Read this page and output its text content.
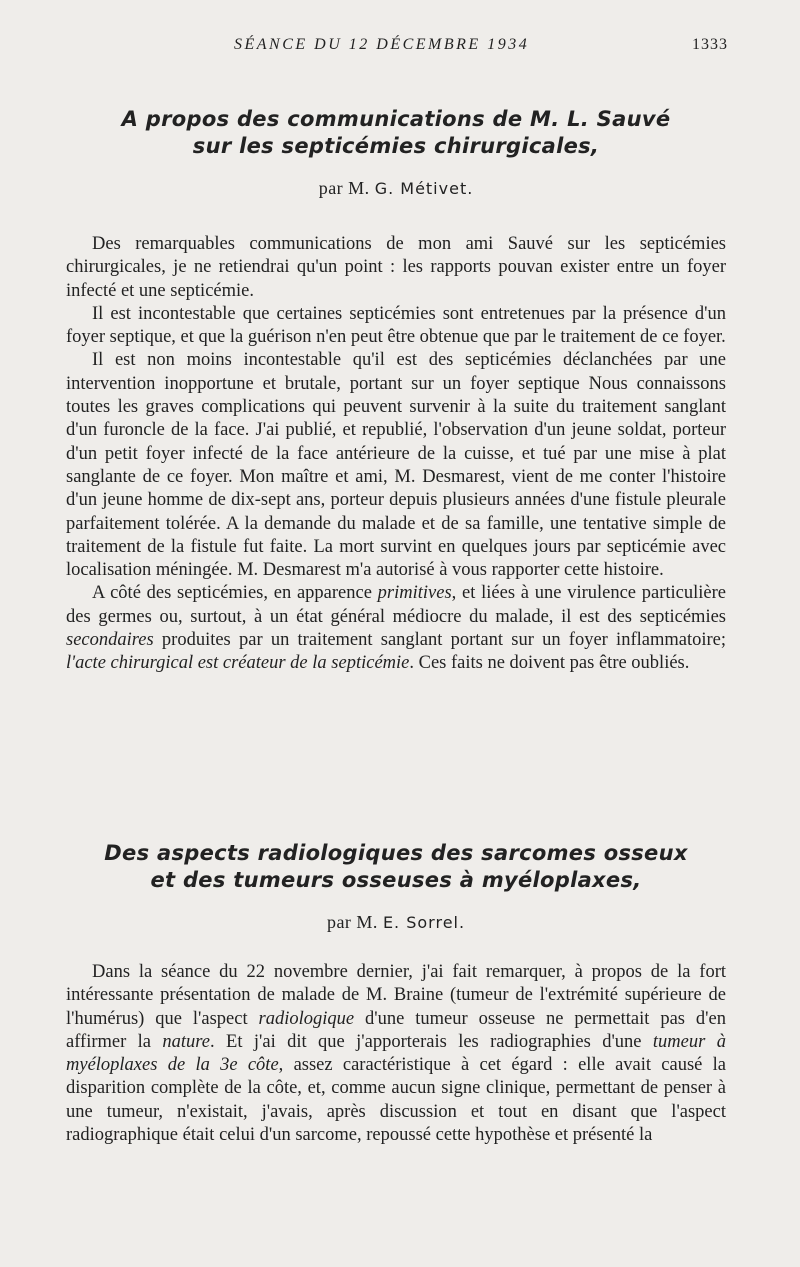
SÉANCE DU 12 DÉCEMBRE 1934	1333
A propos des communications de M. L. Sauvé
sur les septicémies chirurgicales,

par M. G. Métivet.

Des remarquables communications de mon ami Sauvé sur les septicémies chirurgicales, je ne retiendrai qu'un point : les rapports pouvan exister entre un foyer infecté et une septicémie.

Il est incontestable que certaines septicémies sont entretenues par la présence d'un foyer septique, et que la guérison n'en peut être obtenue que par le traitement de ce foyer.

Il est non moins incontestable qu'il est des septicémies déclanchées par une intervention inopportune et brutale, portant sur un foyer septique Nous connaissons toutes les graves complications qui peuvent survenir à la suite du traitement sanglant d'un furoncle de la face. J'ai publié, et republié, l'observation d'un jeune soldat, porteur d'un petit foyer infecté de la face antérieure de la cuisse, et tué par une mise à plat sanglante de ce foyer. Mon maître et ami, M. Desmarest, vient de me conter l'histoire d'un jeune homme de dix-sept ans, porteur depuis plusieurs années d'une fistule pleurale parfaitement tolérée. A la demande du malade et de sa famille, une tentative simple de traitement de la fistule fut faite. La mort survint en quelques jours par septicémie avec localisation méningée. M. Desmarest m'a autorisé à vous rapporter cette histoire.

A côté des septicémies, en apparence primitives, et liées à une virulence particulière des germes ou, surtout, à un état général médiocre du malade, il est des septicémies secondaires produites par un traitement sanglant portant sur un foyer inflammatoire; l'acte chirurgical est créateur de la septicémie. Ces faits ne doivent pas être oubliés.

Des aspects radiologiques des sarcomes osseux
et des tumeurs osseuses à myéloplaxes,

par M. E. Sorrel.

Dans la séance du 22 novembre dernier, j'ai fait remarquer, à propos de la fort intéressante présentation de malade de M. Braine (tumeur de l'extrémité supérieure de l'humérus) que l'aspect radiologique d'une tumeur osseuse ne permettait pas d'en affirmer la nature. Et j'ai dit que j'apporterais les radiographies d'une tumeur à myéloplaxes de la 3e côte, assez caractéristique à cet égard : elle avait causé la disparition complète de la côte, et, comme aucun signe clinique, permettant de penser à une tumeur, n'existait, j'avais, après discussion et tout en disant que l'aspect radiographique était celui d'un sarcome, repoussé cette hypothèse et présenté la
